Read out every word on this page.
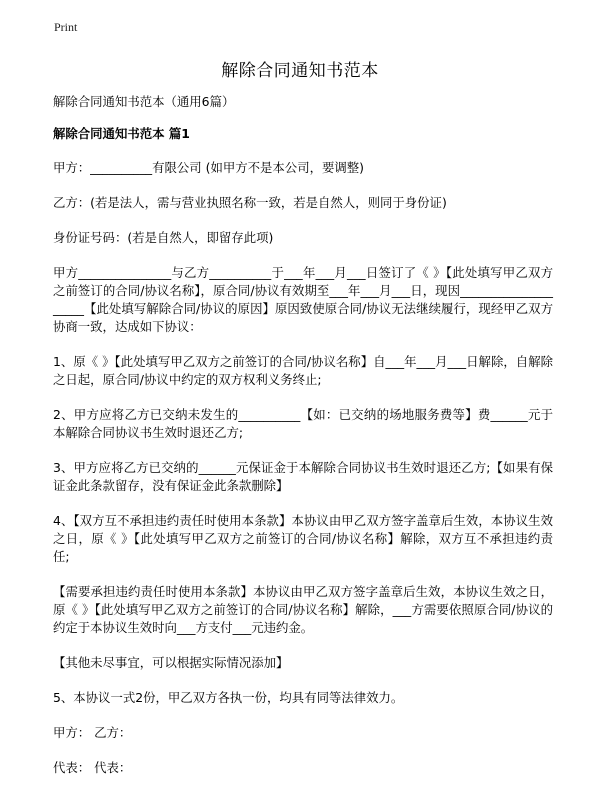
Print
解除合同通知书范本

解除合同通知书范本（通用6篇）

解除合同通知书范本 篇1

甲方：__________有限公司 (如甲方不是本公司，要调整)

乙方：(若是法人，需与营业执照名称一致，若是自然人，则同于身份证)

身份证号码：(若是自然人，即留存此项)

甲方_______________与乙方__________于___年___月___日签订了《 》【此处填写甲乙双方之前签订的合同/协议名称】，原合同/协议有效期至___年___月___日，现因____________________【此处填写解除合同/协议的原因】原因致使原合同/协议无法继续履行，现经甲乙双方协商一致，达成如下协议：

1、原《 》【此处填写甲乙双方之前签订的合同/协议名称】自___年___月___日解除，自解除之日起，原合同/协议中约定的双方权利义务终止;

2、甲方应将乙方已交纳未发生的__________【如：已交纳的场地服务费等】费______元于本解除合同协议书生效时退还乙方;

3、甲方应将乙方已交纳的______元保证金于本解除合同协议书生效时退还乙方;【如果有保证金此条款留存，没有保证金此条款删除】

4、【双方互不承担违约责任时使用本条款】本协议由甲乙双方签字盖章后生效，本协议生效之日，原《 》【此处填写甲乙双方之前签订的合同/协议名称】解除，双方互不承担违约责任;

【需要承担违约责任时使用本条款】本协议由甲乙双方签字盖章后生效，本协议生效之日，原《 》【此处填写甲乙双方之前签订的合同/协议名称】解除，___方需要依照原合同/协议的约定于本协议生效时向___方支付___元违约金。

【其他未尽事宜，可以根据实际情况添加】

5、本协议一式2份，甲乙双方各执一份，均具有同等法律效力。

甲方： 乙方：

代表： 代表：
